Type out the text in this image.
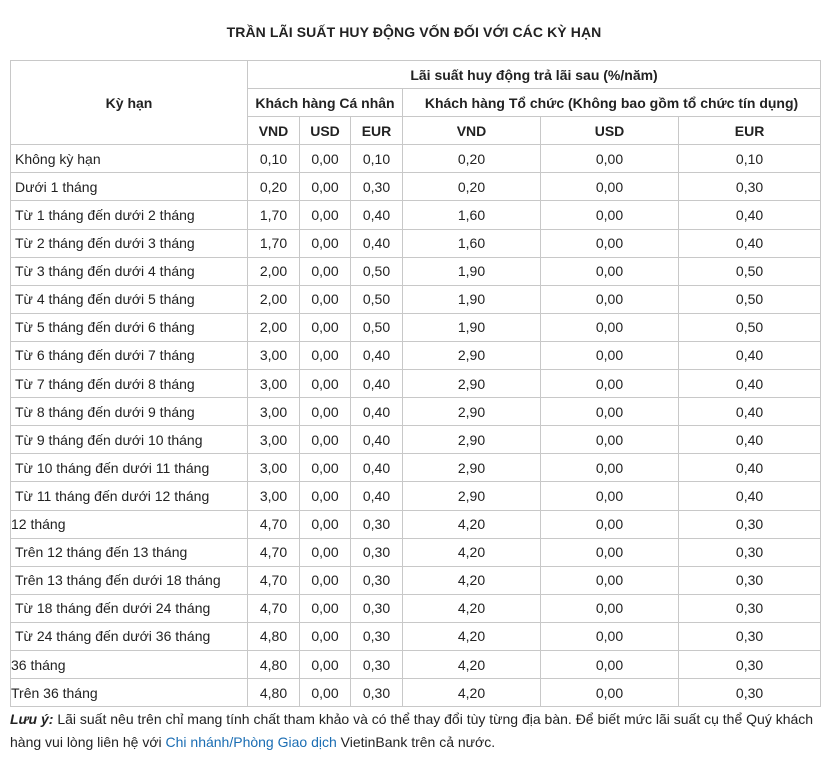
TRẦN LÃI SUẤT HUY ĐỘNG VỐN ĐỐI VỚI CÁC KỲ HẠN
Kỳ hạn	Lãi suất huy động trả lãi sau (%/năm)					
	Khách hàng Cá nhân			Khách hàng Tổ chức (Không bao gồm tổ chức tín dụng)		
	VND	USD	EUR	VND	USD	EUR
Không kỳ hạn	0,10	0,00	0,10	0,20	0,00	0,10
Dưới 1 tháng	0,20	0,00	0,30	0,20	0,00	0,30
Từ 1 tháng đến dưới 2 tháng	1,70	0,00	0,40	1,60	0,00	0,40
Từ 2 tháng đến dưới 3 tháng	1,70	0,00	0,40	1,60	0,00	0,40
Từ 3 tháng đến dưới 4 tháng	2,00	0,00	0,50	1,90	0,00	0,50
Từ 4 tháng đến dưới 5 tháng	2,00	0,00	0,50	1,90	0,00	0,50
Từ 5 tháng đến dưới 6 tháng	2,00	0,00	0,50	1,90	0,00	0,50
Từ 6 tháng đến dưới 7 tháng	3,00	0,00	0,40	2,90	0,00	0,40
Từ 7 tháng đến dưới 8 tháng	3,00	0,00	0,40	2,90	0,00	0,40
Từ 8 tháng đến dưới 9 tháng	3,00	0,00	0,40	2,90	0,00	0,40
Từ 9 tháng đến dưới 10 tháng	3,00	0,00	0,40	2,90	0,00	0,40
Từ 10 tháng đến dưới 11 tháng	3,00	0,00	0,40	2,90	0,00	0,40
Từ 11 tháng đến dưới 12 tháng	3,00	0,00	0,40	2,90	0,00	0,40
12 tháng	4,70	0,00	0,30	4,20	0,00	0,30
Trên 12 tháng đến 13 tháng	4,70	0,00	0,30	4,20	0,00	0,30
Trên 13 tháng đến dưới 18 tháng	4,70	0,00	0,30	4,20	0,00	0,30
Từ 18 tháng đến dưới 24 tháng	4,70	0,00	0,30	4,20	0,00	0,30
Từ 24 tháng đến dưới 36 tháng	4,80	0,00	0,30	4,20	0,00	0,30
36 tháng	4,80	0,00	0,30	4,20	0,00	0,30
Trên 36 tháng	4,80	0,00	0,30	4,20	0,00	0,30
Lưu ý: Lãi suất nêu trên chỉ mang tính chất tham khảo và có thể thay đổi tùy từng địa bàn. Để biết mức lãi suất cụ thể Quý khách hàng vui lòng liên hệ với Chi nhánh/Phòng Giao dịch VietinBank trên cả nước.
